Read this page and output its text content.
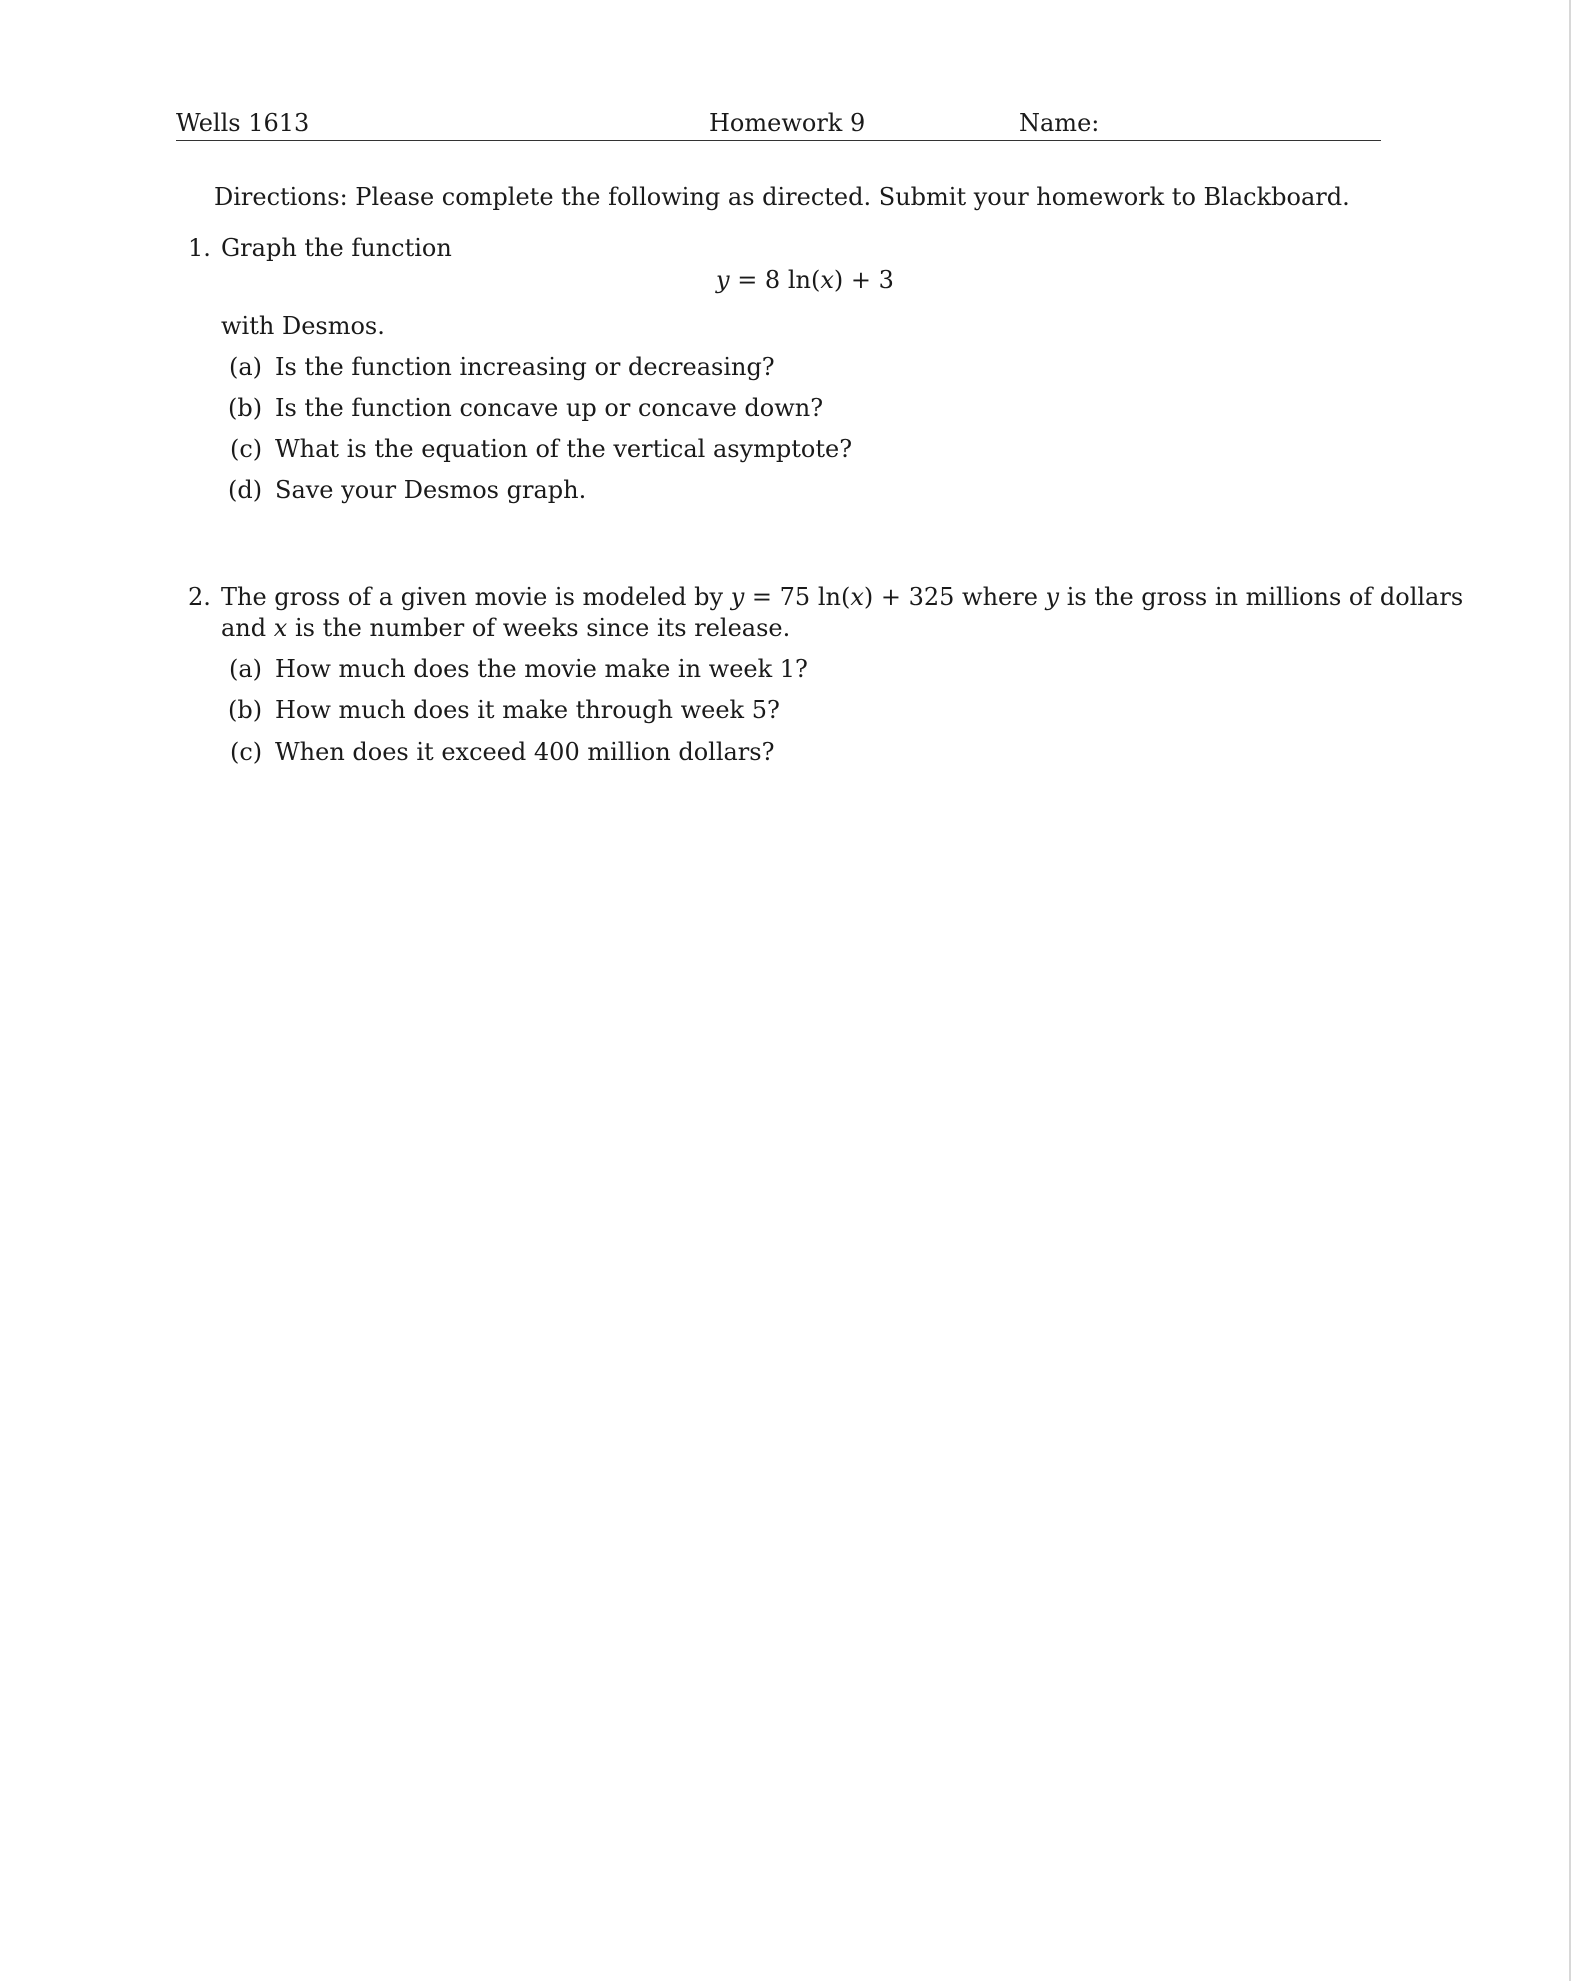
Wells 1613	Homework 9	Name:
Directions: Please complete the following as directed. Submit your homework to Blackboard.
1. Graph the function
y = 8 ln(x) + 3
with Desmos.
(a) Is the function increasing or decreasing?
(b) Is the function concave up or concave down?
(c) What is the equation of the vertical asymptote?
(d) Save your Desmos graph.
2. The gross of a given movie is modeled by y = 75 ln(x) + 325 where y is the gross in millions of dollars
and x is the number of weeks since its release.
(a) How much does the movie make in week 1?
(b) How much does it make through week 5?
(c) When does it exceed 400 million dollars?
